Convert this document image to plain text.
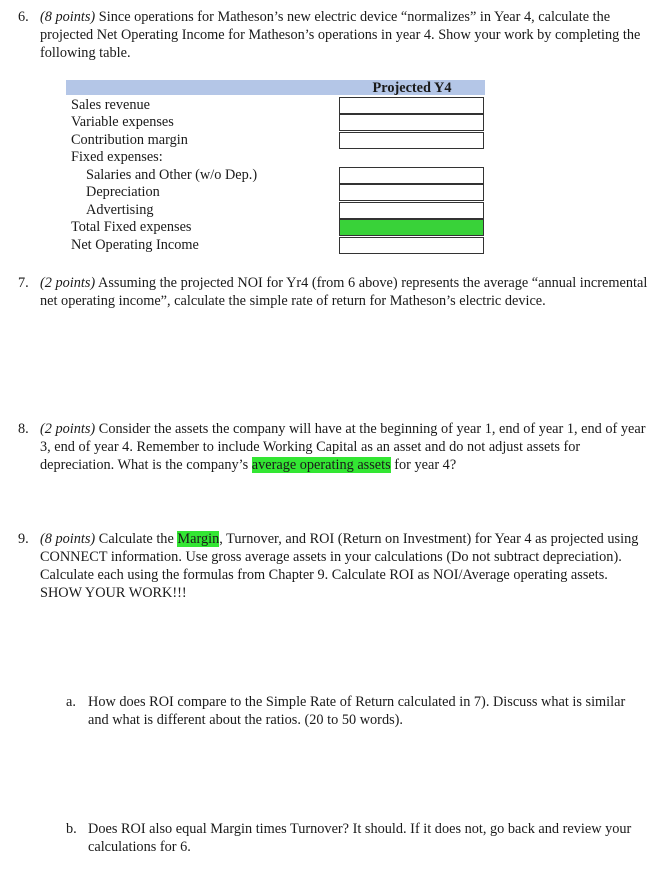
6. (8 points) Since operations for Matheson’s new electric device “normalizes” in Year 4, calculate the projected Net Operating Income for Matheson’s operations in year 4. Show your work by completing the following table.
Projected Y4
Sales revenue
Variable expenses
Contribution margin
Fixed expenses:
Salaries and Other (w/o Dep.)
Depreciation
Advertising
Total Fixed expenses
Net Operating Income
7. (2 points) Assuming the projected NOI for Yr4 (from 6 above) represents the average “annual incremental net operating income”, calculate the simple rate of return for Matheson’s electric device.
8. (2 points) Consider the assets the company will have at the beginning of year 1, end of year 1, end of year 3, end of year 4. Remember to include Working Capital as an asset and do not adjust assets for depreciation. What is the company’s average operating assets for year 4?
9. (8 points) Calculate the Margin, Turnover, and ROI (Return on Investment) for Year 4 as projected using CONNECT information. Use gross average assets in your calculations (Do not subtract depreciation). Calculate each using the formulas from Chapter 9. Calculate ROI as NOI/Average operating assets. SHOW YOUR WORK!!!
a. How does ROI compare to the Simple Rate of Return calculated in 7). Discuss what is similar and what is different about the ratios. (20 to 50 words).
b. Does ROI also equal Margin times Turnover? It should. If it does not, go back and review your calculations for 6.
